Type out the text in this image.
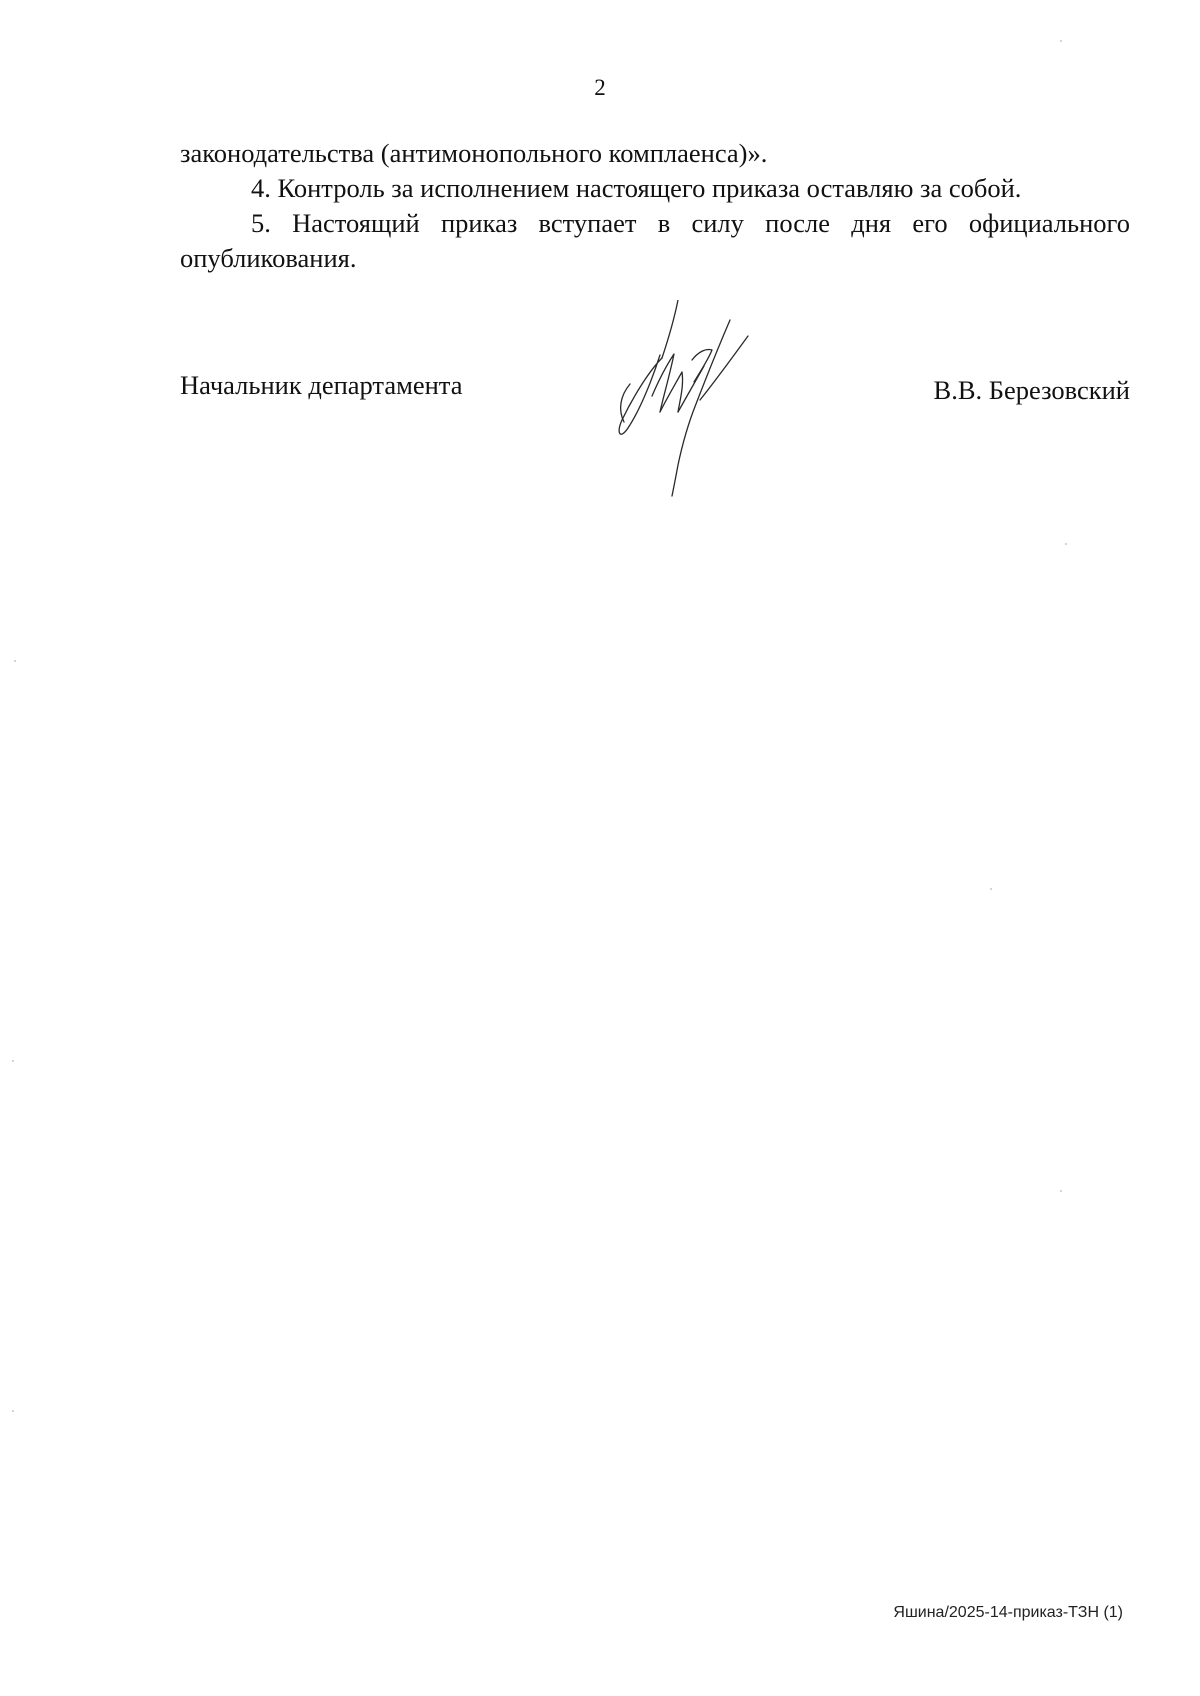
2

законодательства (антимонопольного комплаенса)».

4. Контроль за исполнением настоящего приказа оставляю за собой.

5. Настоящий приказ вступает в силу после дня его официального

опубликования.

Начальник департамента	В.В. Березовский
Яшина/2025-14-приказ-ТЗН (1)
